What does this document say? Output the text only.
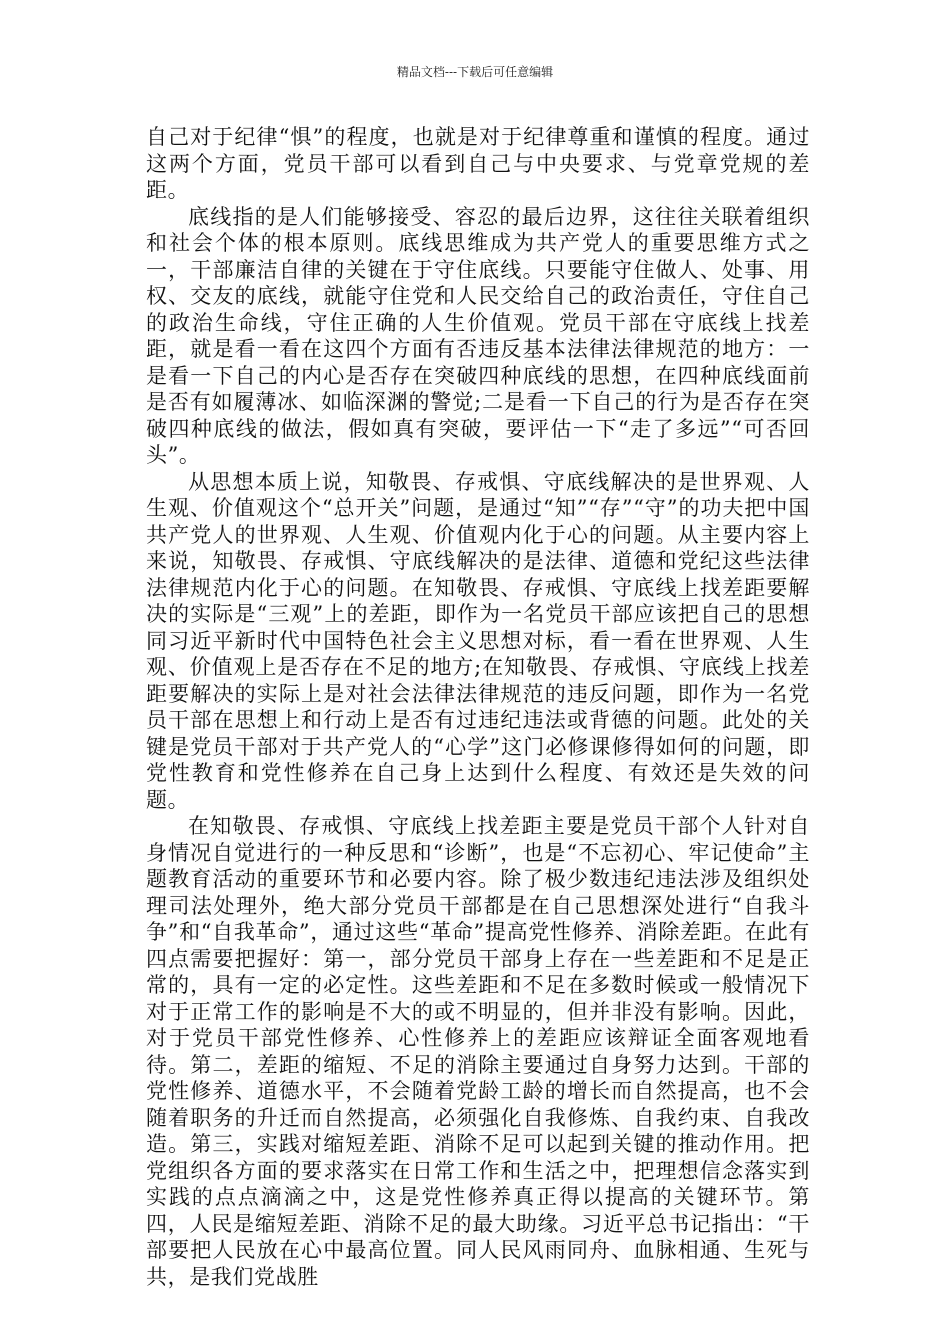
精品文档---下载后可任意编辑

自己对于纪律“惧”的程度，也就是对于纪律尊重和谨慎的程度。通过这两个方面，党员干部可以看到自己与中央要求、与党章党规的差距。

底线指的是人们能够接受、容忍的最后边界，这往往关联着组织和社会个体的根本原则。底线思维成为共产党人的重要思维方式之一，干部廉洁自律的关键在于守住底线。只要能守住做人、处事、用权、交友的底线，就能守住党和人民交给自己的政治责任，守住自己的政治生命线，守住正确的人生价值观。党员干部在守底线上找差距，就是看一看在这四个方面有否违反基本法律法律规范的地方：一是看一下自己的内心是否存在突破四种底线的思想，在四种底线面前是否有如履薄冰、如临深渊的警觉;二是看一下自己的行为是否存在突破四种底线的做法，假如真有突破，要评估一下“走了多远”“可否回头”。

从思想本质上说，知敬畏、存戒惧、守底线解决的是世界观、人生观、价值观这个“总开关”问题，是通过“知”“存”“守”的功夫把中国共产党人的世界观、人生观、价值观内化于心的问题。从主要内容上来说，知敬畏、存戒惧、守底线解决的是法律、道德和党纪这些法律法律规范内化于心的问题。在知敬畏、存戒惧、守底线上找差距要解决的实际是“三观”上的差距，即作为一名党员干部应该把自己的思想同习近平新时代中国特色社会主义思想对标，看一看在世界观、人生观、价值观上是否存在不足的地方;在知敬畏、存戒惧、守底线上找差距要解决的实际上是对社会法律法律规范的违反问题，即作为一名党员干部在思想上和行动上是否有过违纪违法或背德的问题。此处的关键是党员干部对于共产党人的“心学”这门必修课修得如何的问题，即党性教育和党性修养在自己身上达到什么程度、有效还是失效的问题。

在知敬畏、存戒惧、守底线上找差距主要是党员干部个人针对自身情况自觉进行的一种反思和“诊断”，也是“不忘初心、牢记使命”主题教育活动的重要环节和必要内容。除了极少数违纪违法涉及组织处理司法处理外，绝大部分党员干部都是在自己思想深处进行“自我斗争”和“自我革命”，通过这些“革命”提高党性修养、消除差距。在此有四点需要把握好：第一，部分党员干部身上存在一些差距和不足是正常的，具有一定的必定性。这些差距和不足在多数时候或一般情况下对于正常工作的影响是不大的或不明显的，但并非没有影响。因此，对于党员干部党性修养、心性修养上的差距应该辩证全面客观地看待。第二，差距的缩短、不足的消除主要通过自身努力达到。干部的党性修养、道德水平，不会随着党龄工龄的增长而自然提高，也不会随着职务的升迁而自然提高，必须强化自我修炼、自我约束、自我改造。第三，实践对缩短差距、消除不足可以起到关键的推动作用。把党组织各方面的要求落实在日常工作和生活之中，把理想信念落实到实践的点点滴滴之中，这是党性修养真正得以提高的关键环节。第四，人民是缩短差距、消除不足的最大助缘。习近平总书记指出：“干部要把人民放在心中最高位置。同人民风雨同舟、血脉相通、生死与共，是我们党战胜
